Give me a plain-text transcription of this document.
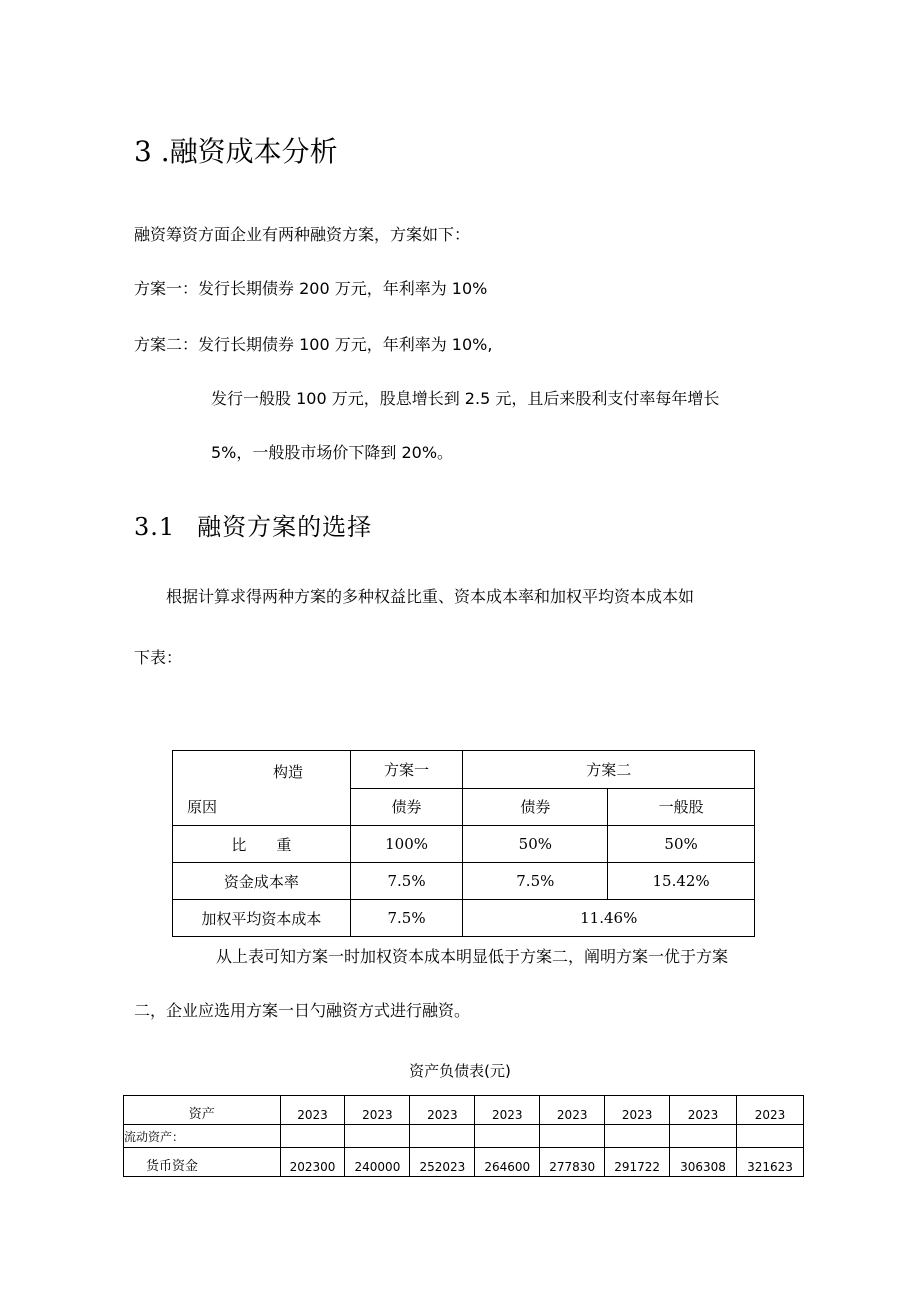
3 .融资成本分析
融资筹资方面企业有两种融资方案，方案如下：
方案一：发行长期债券 200 万元，年利率为 10%
方案二：发行长期债券 100 万元，年利率为 10%,
发行一般股 100 万元，股息增长到 2.5 元，且后来股利支付率每年增长
5%，一般股市场价下降到 20%。
3.1 融资方案的选择
根据计算求得两种方案的多种权益比重、资本成本率和加权平均资本成本如
下表：
构造
原因	方案一	方案二	
	债券	债券	一般股
比　　重	100%	50%	50%
资金成本率	7.5%	7.5%	15.42%
加权平均资本成本	7.5%	11.46%	
从上表可知方案一时加权资本成本明显低于方案二，阐明方案一优于方案
二，企业应选用方案一日勺融资方式进行融资。
资产负债表(元)
资产	2023	2023	2023	2023	2023	2023	2023	2023
流动资产：								
货币资金	202300	240000	252023	264600	277830	291722	306308	321623
